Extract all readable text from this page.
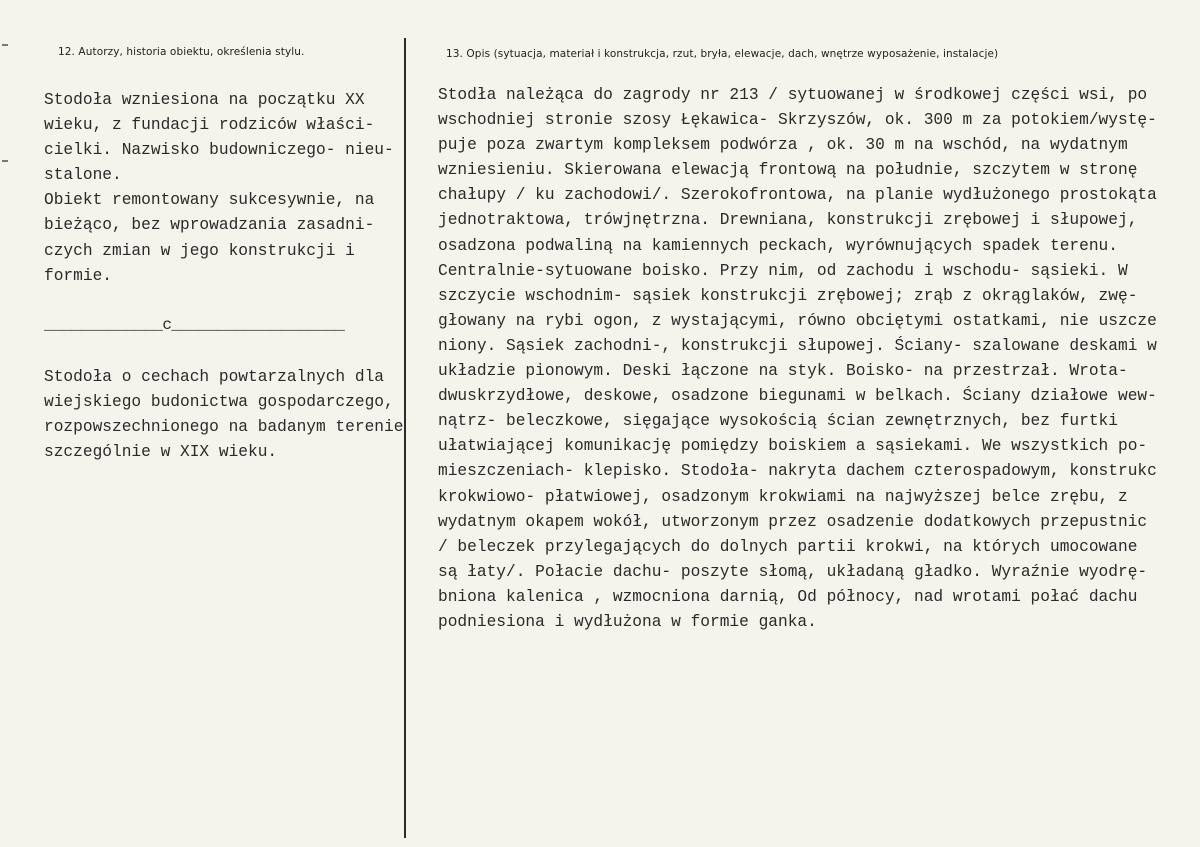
12. Autorzy, historia obiektu, określenia stylu.	13. Opis (sytuacja, materiał i konstrukcja, rzut, bryła, elewacje, dach, wnętrze wyposażenie, instalacje)
Stodoła wzniesiona na początku XX
wieku, z fundacji rodziców właści-
cielki. Nazwisko budowniczego- nieu-
stalone.
Obiekt remontowany sukcesywnie, na
bieżąco, bez wprowadzania zasadni-
czych zmian w jego konstrukcji i
formie.
_____________c___________________
Stodoła o cechach powtarzalnych dla
wiejskiego budonictwa gospodarczego,
rozpowszechnionego na badanym terenie
szczególnie w XIX wieku.
Stodła należąca do zagrody nr 213 / sytuowanej w środkowej części wsi, po
wschodniej stronie szosy Łękawica- Skrzyszów, ok. 300 m za potokiem/wystę-
puje poza zwartym kompleksem podwórza , ok. 30 m na wschód, na wydatnym
wzniesieniu. Skierowana elewacją frontową na południe, szczytem w stronę
chałupy / ku zachodowi/. Szerokofrontowa, na planie wydłużonego prostokąta
jednotraktowa, trówjnętrzna. Drewniana, konstrukcji zrębowej i słupowej,
osadzona podwaliną na kamiennych peckach, wyrównujących spadek terenu.
Centralnie-sytuowane boisko. Przy nim, od zachodu i wschodu- sąsieki. W
szczycie wschodnim- sąsiek konstrukcji zrębowej; zrąb z okrąglaków, zwę-
głowany na rybi ogon, z wystającymi, równo obciętymi ostatkami, nie uszcze
niony. Sąsiek zachodni-, konstrukcji słupowej. Ściany- szalowane deskami w
układzie pionowym. Deski łączone na styk. Boisko- na przestrzał. Wrota-
dwuskrzydłowe, deskowe, osadzone biegunami w belkach. Ściany działowe wew-
nątrz- beleczkowe, sięgające wysokością ścian zewnętrznych, bez furtki
ułatwiającej komunikację pomiędzy boiskiem a sąsiekami. We wszystkich po-
mieszczeniach- klepisko. Stodoła- nakryta dachem czterospadowym, konstrukc
krokwiowo- płatwiowej, osadzonym krokwiami na najwyższej belce zrębu, z
wydatnym okapem wokół, utworzonym przez osadzenie dodatkowych przepustnic
/ beleczek przylegających do dolnych partii krokwi, na których umocowane
są łaty/. Połacie dachu- poszyte słomą, układaną gładko. Wyraźnie wyodrę-
bniona kalenica , wzmocniona darnią, Od północy, nad wrotami połać dachu
podniesiona i wydłużona w formie ganka.
